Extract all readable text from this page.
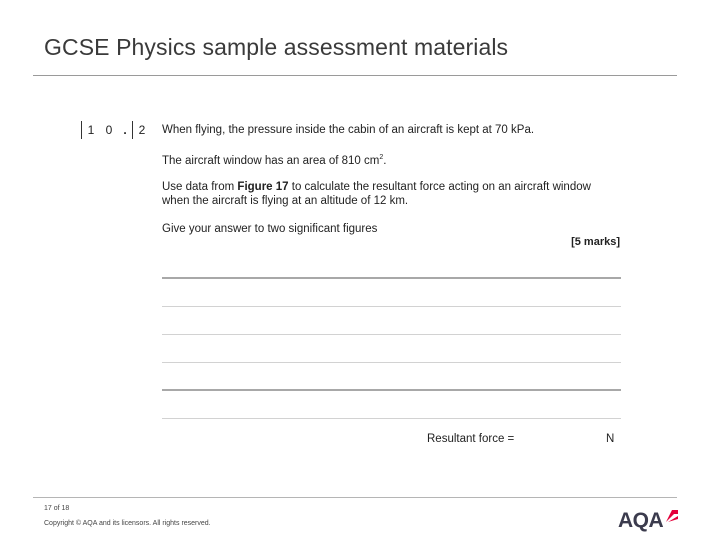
GCSE Physics sample assessment materials
1 0 . 2	When flying, the pressure inside the cabin of an aircraft is kept at 70 kPa.
The aircraft window has an area of 810 $cm^2$.
Use data from Figure 17 to calculate the resultant force acting on an aircraft window
when the aircraft is flying at an altitude of 12 km.
Give your answer to two significant figures
[5 marks]
Resultant force =	N
17 of 18
Copyright © AQA and its licensors. All rights reserved.	AQA
